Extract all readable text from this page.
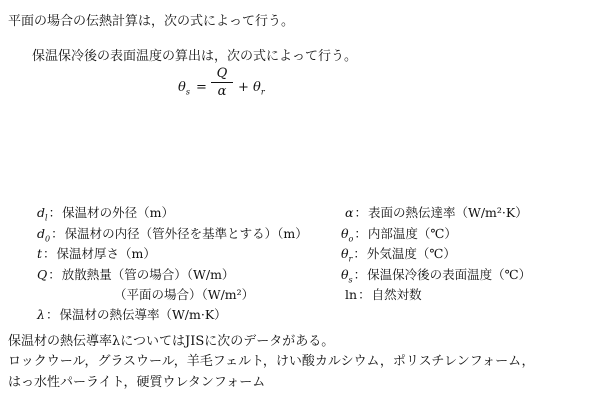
平面の場合の伝熱計算は，次の式によって行う。
保温保冷後の表面温度の算出は，次の式によって行う。
$\theta_s$ =
Q
$\alpha + \theta_r$
$d_l$：保温材の外径（m）
$d_0$：保温材の内径（管外径を基準とする）（m）
t：保温材厚さ（m）
Q：放散熱量（管の場合）（W/m）
（平面の場合）（W/m²）
λ：保温材の熱伝導率（W/m·K）
α：表面の熱伝達率（W/m²·K）
$\theta_o$：内部温度（℃）
$\theta_r$：外気温度（℃）
$\theta_s$：保温保冷後の表面温度（℃）
ln：自然対数
保温材の熱伝導率λについてはJISに次のデータがある。
ロックウール，グラスウール，羊毛フェルト，けい酸カルシウム，ポリスチレンフォーム，
はっ水性パーライト，硬質ウレタンフォーム
